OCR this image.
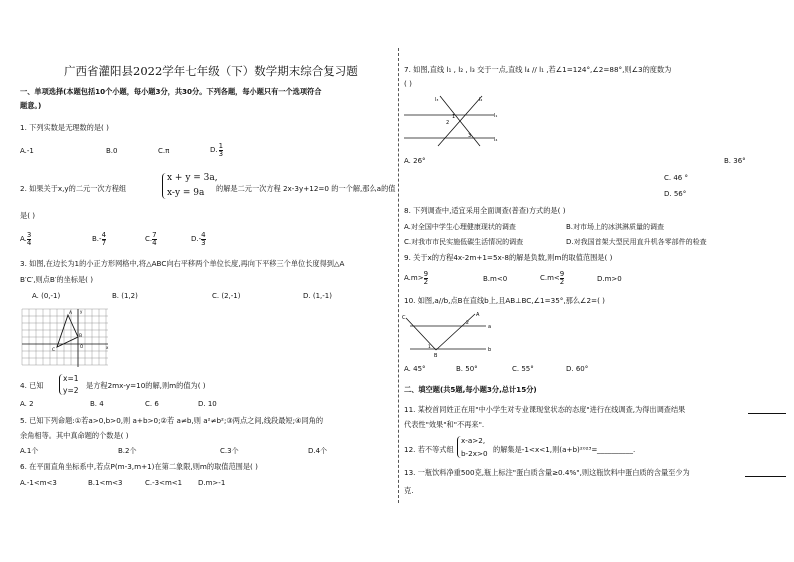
广西省灌阳县2022学年七年级（下）数学期末综合复习题
一、单项选择(本题包括10个小题，每小题3分，共30分。下列各题，每小题只有一个选项符合
题意。)
1. 下列实数是无理数的是( )
A.-1	B.0	C.π	D. $\frac{1}{3}$
2. 如果关于x,y的二元一次方程组
x + y = 3a,
x-y = 9a 的解是二元一次方程 2x-3y+12=0 的一个解,那么a的值
是( )
A. $\frac{3}{4}$	$B.- \frac{4}{7}$	C. $\frac{7}{4}$	$D.- \frac{4}{3}$
3. 如图,在边长为1的小正方形网格中,将△ABC向右平移两个单位长度,再向下平移三个单位长度得到△A
B′C′,则点B′的坐标是( )
A. (0,-1)	B. (1,2)	C. (2,-1)	D. (1,-1)
A
B
C
O	x
y
4. 已知
x=1
y=2
是方程2mx-y=10的解,则m的值为( )
A. 2	B. 4	C. 6	D. 10
5. 已知下列命题:①若a>0,b>0,则 a+b>0;②若 a≠b,则 a²≠b²;③两点之间,线段最短;④同角的
余角相等。其中真命题的个数是( )
A.1个	B.2个	C.3个	D.4个
6. 在平面直角坐标系中,若点P(m-3,m+1)在第二象限,则m的取值范围是( )
A.-1<m<3	B.1<m<3	C.-3<m<1 D.m>-1
7. 如图,直线 l₁ , l₂ , l₃ 交于一点,直线 l₄ // l₁ ,若∠1=124°,∠2=88°,则∠3的度数为
( )
l₃	l₂
l₁
l₄
1
2
3
A. 26°	B. 36°
C. 46 °
D. 56°
8. 下列调查中,适宜采用全面调查(普查)方式的是( )
A.对全国中学生心理健康现状的调查	B.对市场上的冰淇淋质量的调查
C.对我市市民实施低碳生活情况的调查	D.对我国首架大型民用直升机各零部件的检查
9. 关于x的方程4x-2m+1=5x-8的解是负数,则m的取值范围是( )
$A.m> \frac{9}{2}$	B.m<0	$C.m< \frac{9}{2}$	D.m>0
10. 如图,a//b,点B在直线b上,且AB⊥BC,∠1=35°,那么∠2=( )
C	A
B
a
b
1
2
A. 45°	B. 50°	C. 55°	D. 60°
二、填空题(共5题,每小题3分,总计15分)
11. 某校首同姓正在用"中小学生对专业课现堂状态的态度"进行在线调查,为得出调查结果
代表性"效果"和"不再来".
12. 若不等式组
x-a>2,
b-2x>0 的解集是-1<x<1,则(a+b)²⁰²³= __________.
13. 一瓶饮料净重500克,瓶上标注"蛋白质含量≥0.4%",则这瓶饮料中蛋白质的含量至少为
克.
